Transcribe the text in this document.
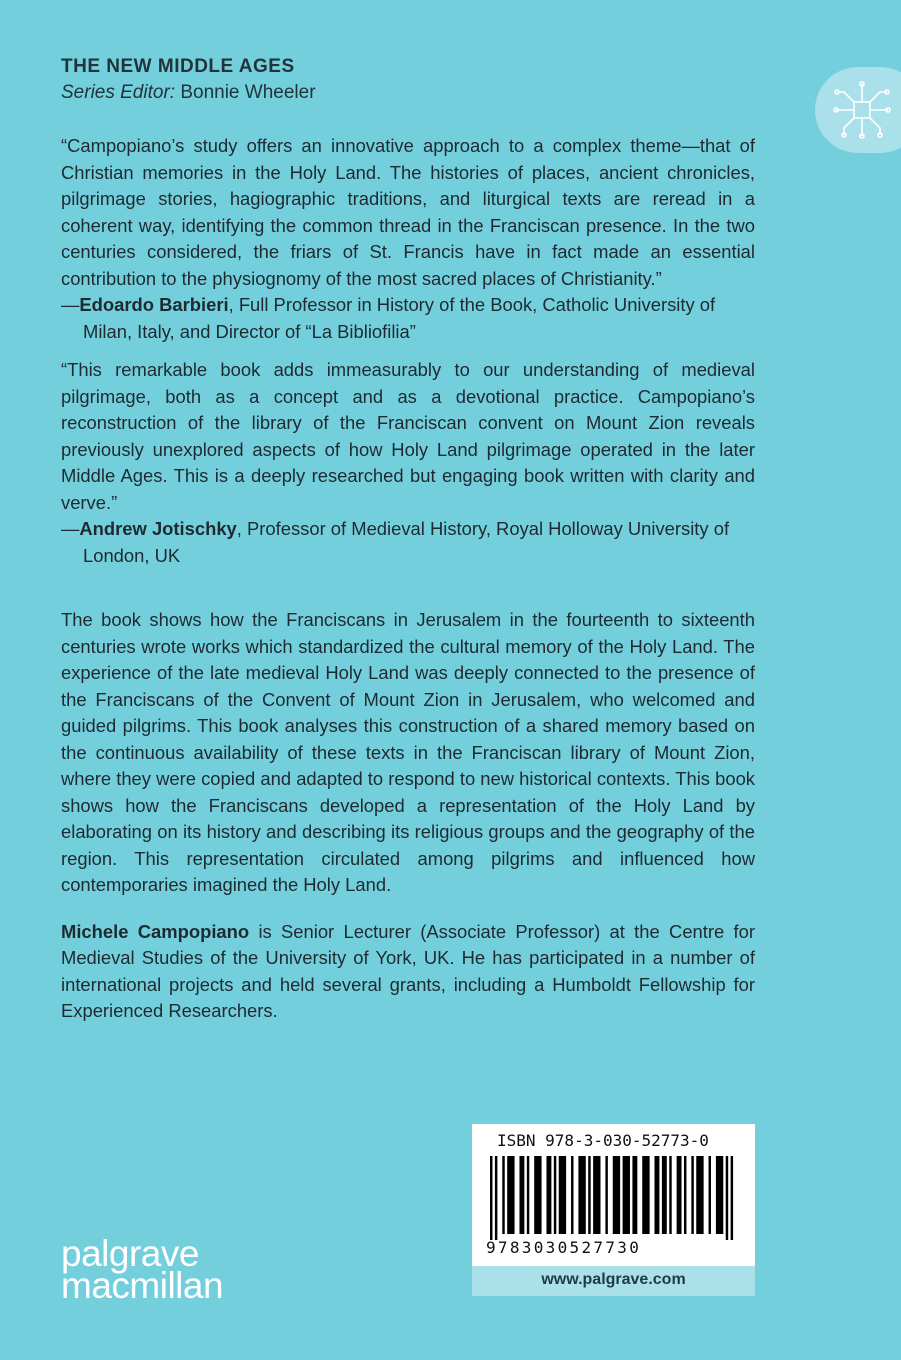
THE NEW MIDDLE AGES
Series Editor: Bonnie Wheeler

“Campopiano’s study offers an innovative approach to a complex theme—that of Christian memories in the Holy Land. The histories of places, ancient chronicles, pilgrimage stories, hagiographic traditions, and liturgical texts are reread in a coherent way, identifying the common thread in the Franciscan presence. In the two centuries considered, the friars of St. Francis have in fact made an essential contribution to the physiognomy of the most sacred places of Christianity.”

—Edoardo Barbieri, Full Professor in History of the Book, Catholic University of Milan, Italy, and Director of “La Bibliofilia”

“This remarkable book adds immeasurably to our understanding of medieval pilgrimage, both as a concept and as a devotional practice. Campopiano’s reconstruction of the library of the Franciscan convent on Mount Zion reveals previously unexplored aspects of how Holy Land pilgrimage operated in the later Middle Ages. This is a deeply researched but engaging book written with clarity and verve.”

—Andrew Jotischky, Professor of Medieval History, Royal Holloway University of London, UK

The book shows how the Franciscans in Jerusalem in the fourteenth to sixteenth centuries wrote works which standardized the cultural memory of the Holy Land. The experience of the late medieval Holy Land was deeply connected to the presence of the Franciscans of the Convent of Mount Zion in Jerusalem, who welcomed and guided pilgrims. This book analyses this construction of a shared memory based on the continuous availability of these texts in the Franciscan library of Mount Zion, where they were copied and adapted to respond to new historical contexts. This book shows how the Franciscans developed a representation of the Holy Land by elaborating on its history and describing its religious groups and the geography of the region. This representation circulated among pilgrims and influenced how contemporaries imagined the Holy Land.

Michele Campopiano is Senior Lecturer (Associate Professor) at the Centre for Medieval Studies of the University of York, UK. He has participated in a number of international projects and held several grants, including a Humboldt Fellowship for Experienced Researchers.

palgrave
macmillan
ISBN 978-3-030-52773-0
9783030527730
www.palgrave.com
